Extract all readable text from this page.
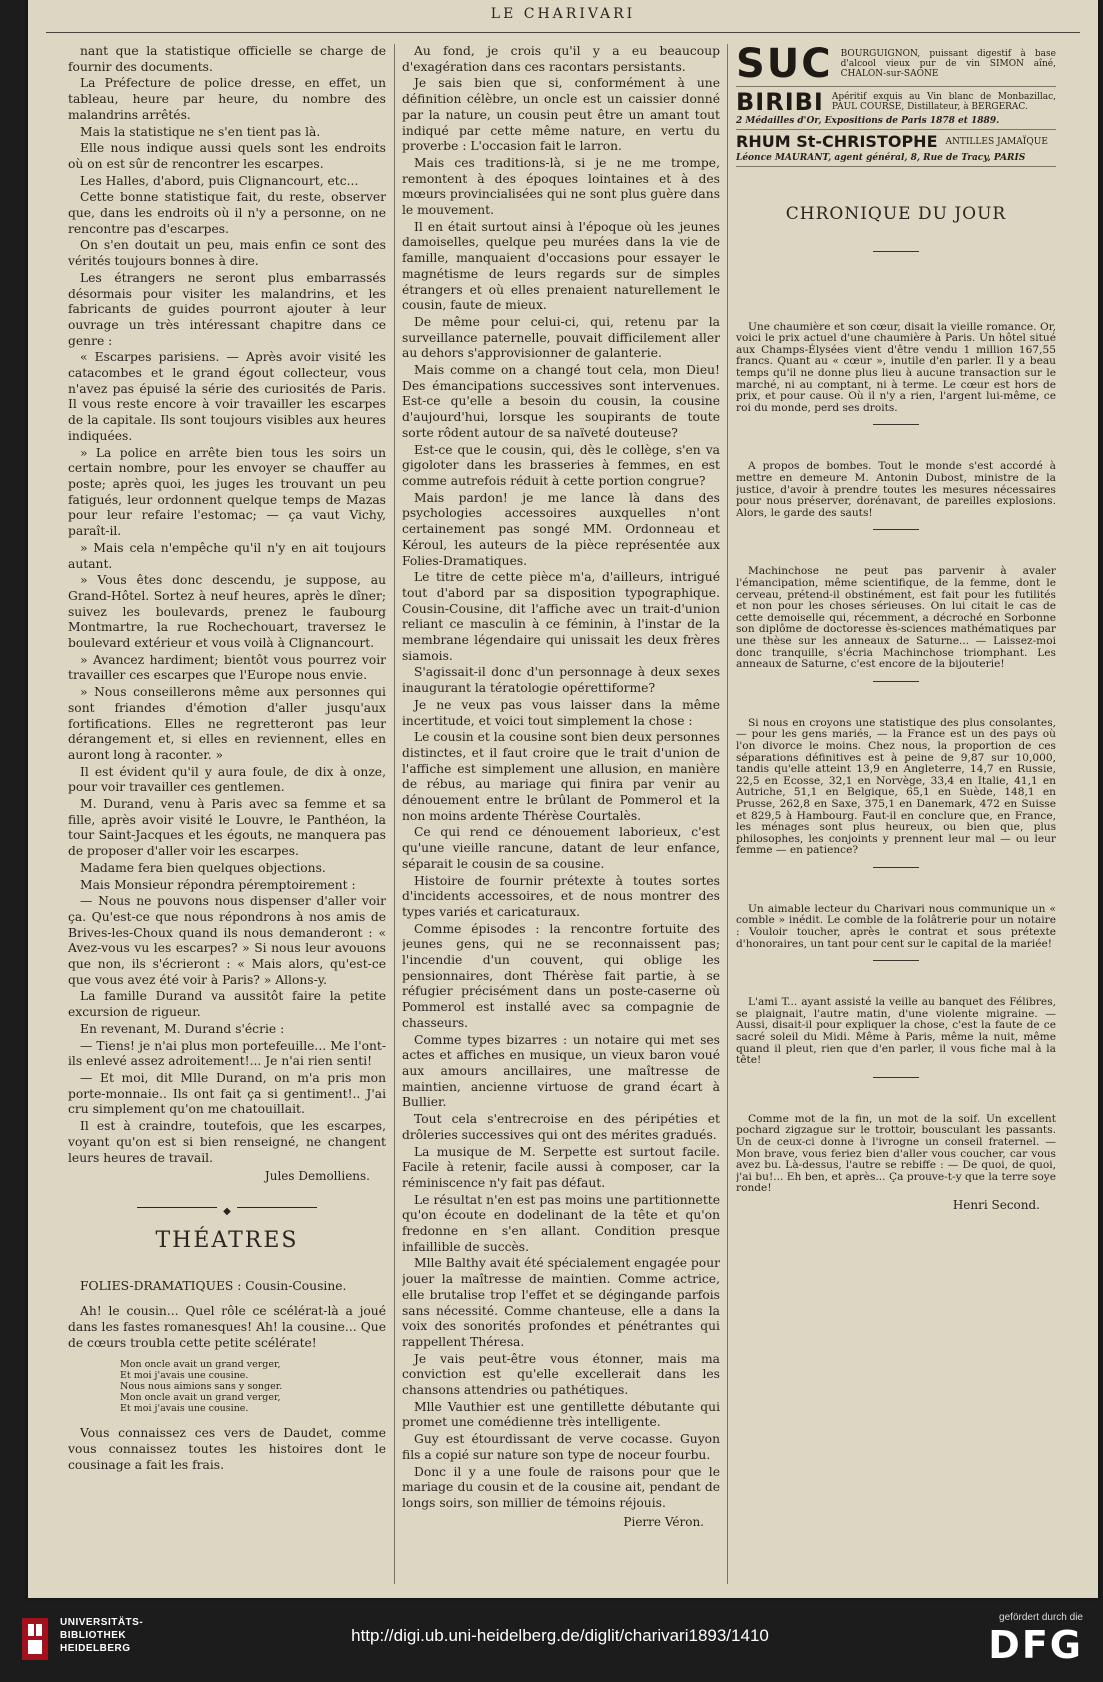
LE CHARIVARI

nant que la statistique officielle se charge de fournir des documents.

La Préfecture de police dresse, en effet, un tableau, heure par heure, du nombre des malandrins arrêtés.

Mais la statistique ne s'en tient pas là.

Elle nous indique aussi quels sont les endroits où on est sûr de rencontrer les escarpes.

Les Halles, d'abord, puis Clignancourt, etc...

Cette bonne statistique fait, du reste, observer que, dans les endroits où il n'y a personne, on ne rencontre pas d'escarpes.

On s'en doutait un peu, mais enfin ce sont des vérités toujours bonnes à dire.

Les étrangers ne seront plus embarrassés désormais pour visiter les malandrins, et les fabricants de guides pourront ajouter à leur ouvrage un très intéressant chapitre dans ce genre :

« Escarpes parisiens. — Après avoir visité les catacombes et le grand égout collecteur, vous n'avez pas épuisé la série des curiosités de Paris. Il vous reste encore à voir travailler les escarpes de la capitale. Ils sont toujours visibles aux heures indiquées.

» La police en arrête bien tous les soirs un certain nombre, pour les envoyer se chauffer au poste; après quoi, les juges les trouvant un peu fatigués, leur ordonnent quelque temps de Mazas pour leur refaire l'estomac; — ça vaut Vichy, paraît-il.

» Mais cela n'empêche qu'il n'y en ait toujours autant.

» Vous êtes donc descendu, je suppose, au Grand-Hôtel. Sortez à neuf heures, après le dîner; suivez les boulevards, prenez le faubourg Montmartre, la rue Rochechouart, traversez le boulevard extérieur et vous voilà à Clignancourt.

» Avancez hardiment; bientôt vous pourrez voir travailler ces escarpes que l'Europe nous envie.

» Nous conseillerons même aux personnes qui sont friandes d'émotion d'aller jusqu'aux fortifications. Elles ne regretteront pas leur dérangement et, si elles en reviennent, elles en auront long à raconter. »

Il est évident qu'il y aura foule, de dix à onze, pour voir travailler ces gentlemen.

M. Durand, venu à Paris avec sa femme et sa fille, après avoir visité le Louvre, le Panthéon, la tour Saint-Jacques et les égouts, ne manquera pas de proposer d'aller voir les escarpes.

Madame fera bien quelques objections.

Mais Monsieur répondra péremptoirement :

— Nous ne pouvons nous dispenser d'aller voir ça. Qu'est-ce que nous répondrons à nos amis de Brives-les-Choux quand ils nous demanderont : « Avez-vous vu les escarpes? » Si nous leur avouons que non, ils s'écrieront : « Mais alors, qu'est-ce que vous avez été voir à Paris? » Allons-y.

La famille Durand va aussitôt faire la petite excursion de rigueur.

En revenant, M. Durand s'écrie :

— Tiens! je n'ai plus mon portefeuille... Me l'ont-ils enlevé assez adroitement!... Je n'ai rien senti!

— Et moi, dit Mlle Durand, on m'a pris mon porte-monnaie.. Ils ont fait ça si gentiment!.. J'ai cru simplement qu'on me chatouillait.

Il est à craindre, toutefois, que les escarpes, voyant qu'on est si bien renseigné, ne changent leurs heures de travail.

Jules Demolliens.
◆
THÉATRES

FOLIES-DRAMATIQUES : Cousin-Cousine.

Ah! le cousin... Quel rôle ce scélérat-là a joué dans les fastes romanesques! Ah! la cousine... Que de cœurs troubla cette petite scélérate!

Mon oncle avait un grand verger,
Et moi j'avais une cousine.
Nous nous aimions sans y songer.
Mon oncle avait un grand verger,
Et moi j'avais une cousine.

Vous connaissez ces vers de Daudet, comme vous connaissez toutes les histoires dont le cousinage a fait les frais.

Au fond, je crois qu'il y a eu beaucoup d'exagération dans ces racontars persistants.

Je sais bien que si, conformément à une définition célèbre, un oncle est un caissier donné par la nature, un cousin peut être un amant tout indiqué par cette même nature, en vertu du proverbe : L'occasion fait le larron.

Mais ces traditions-là, si je ne me trompe, remontent à des époques lointaines et à des mœurs provincialisées qui ne sont plus guère dans le mouvement.

Il en était surtout ainsi à l'époque où les jeunes damoiselles, quelque peu murées dans la vie de famille, manquaient d'occasions pour essayer le magnétisme de leurs regards sur de simples étrangers et où elles prenaient naturellement le cousin, faute de mieux.

De même pour celui-ci, qui, retenu par la surveillance paternelle, pouvait difficilement aller au dehors s'approvisionner de galanterie.

Mais comme on a changé tout cela, mon Dieu! Des émancipations successives sont intervenues. Est-ce qu'elle a besoin du cousin, la cousine d'aujourd'hui, lorsque les soupirants de toute sorte rôdent autour de sa naïveté douteuse?

Est-ce que le cousin, qui, dès le collège, s'en va gigoloter dans les brasseries à femmes, en est comme autrefois réduit à cette portion congrue?

Mais pardon! je me lance là dans des psychologies accessoires auxquelles n'ont certainement pas songé MM. Ordonneau et Kéroul, les auteurs de la pièce représentée aux Folies-Dramatiques.

Le titre de cette pièce m'a, d'ailleurs, intrigué tout d'abord par sa disposition typographique. Cousin-Cousine, dit l'affiche avec un trait-d'union reliant ce masculin à ce féminin, à l'instar de la membrane légendaire qui unissait les deux frères siamois.

S'agissait-il donc d'un personnage à deux sexes inaugurant la tératologie opérettiforme?

Je ne veux pas vous laisser dans la même incertitude, et voici tout simplement la chose :

Le cousin et la cousine sont bien deux personnes distinctes, et il faut croire que le trait d'union de l'affiche est simplement une allusion, en manière de rébus, au mariage qui finira par venir au dénouement entre le brûlant de Pommerol et la non moins ardente Thérèse Courtalès.

Ce qui rend ce dénouement laborieux, c'est qu'une vieille rancune, datant de leur enfance, séparait le cousin de sa cousine.

Histoire de fournir prétexte à toutes sortes d'incidents accessoires, et de nous montrer des types variés et caricaturaux.

Comme épisodes : la rencontre fortuite des jeunes gens, qui ne se reconnaissent pas; l'incendie d'un couvent, qui oblige les pensionnaires, dont Thérèse fait partie, à se réfugier précisément dans un poste-caserne où Pommerol est installé avec sa compagnie de chasseurs.

Comme types bizarres : un notaire qui met ses actes et affiches en musique, un vieux baron voué aux amours ancillaires, une maîtresse de maintien, ancienne virtuose de grand écart à Bullier.

Tout cela s'entrecroise en des péripéties et drôleries successives qui ont des mérites gradués.

La musique de M. Serpette est surtout facile. Facile à retenir, facile aussi à composer, car la réminiscence n'y fait pas défaut.

Le résultat n'en est pas moins une partitionnette qu'on écoute en dodelinant de la tête et qu'on fredonne en s'en allant. Condition presque infaillible de succès.

Mlle Balthy avait été spécialement engagée pour jouer la maîtresse de maintien. Comme actrice, elle brutalise trop l'effet et se dégingande parfois sans nécessité. Comme chanteuse, elle a dans la voix des sonorités profondes et pénétrantes qui rappellent Théresa.

Je vais peut-être vous étonner, mais ma conviction est qu'elle excellerait dans les chansons attendries ou pathétiques.

Mlle Vauthier est une gentillette débutante qui promet une comédienne très intelligente.

Guy est étourdissant de verve cocasse. Guyon fils a copié sur nature son type de noceur fourbu.

Donc il y a une foule de raisons pour que le mariage du cousin et de la cousine ait, pendant de longs soirs, son millier de témoins réjouis.

Pierre Véron.
SUC BOURGUIGNON, puissant digestif à base d'alcool vieux pur de vin SIMON aîné, CHALON-sur-SAONE
BIRIBI Apéritif exquis au Vin blanc de Monbazillac, PAUL COURSE, Distillateur, à BERGERAC.
2 Médailles d'Or, Expositions de Paris 1878 et 1889.
RHUM St-CHRISTOPHE ANTILLES JAMAÏQUE
Léonce MAURANT, agent général, 8, Rue de Tracy, PARIS
CHRONIQUE DU JOUR

Une chaumière et son cœur, disait la vieille romance. Or, voici le prix actuel d'une chaumière à Paris. Un hôtel situé aux Champs-Élysées vient d'être vendu 1 million 167,55 francs. Quant au « cœur », inutile d'en parler. Il y a beau temps qu'il ne donne plus lieu à aucune transaction sur le marché, ni au comptant, ni à terme. Le cœur est hors de prix, et pour cause. Où il n'y a rien, l'argent lui-même, ce roi du monde, perd ses droits.

A propos de bombes. Tout le monde s'est accordé à mettre en demeure M. Antonin Dubost, ministre de la justice, d'avoir à prendre toutes les mesures nécessaires pour nous préserver, dorénavant, de pareilles explosions. Alors, le garde des sauts!

Machinchose ne peut pas parvenir à avaler l'émancipation, même scientifique, de la femme, dont le cerveau, prétend-il obstinément, est fait pour les futilités et non pour les choses sérieuses. On lui citait le cas de cette demoiselle qui, récemment, a décroché en Sorbonne son diplôme de doctoresse ès-sciences mathématiques par une thèse sur les anneaux de Saturne... — Laissez-moi donc tranquille, s'écria Machinchose triomphant. Les anneaux de Saturne, c'est encore de la bijouterie!

Si nous en croyons une statistique des plus consolantes, — pour les gens mariés, — la France est un des pays où l'on divorce le moins. Chez nous, la proportion de ces séparations définitives est à peine de 9,87 sur 10,000, tandis qu'elle atteint 13,9 en Angleterre, 14,7 en Russie, 22,5 en Ecosse, 32,1 en Norvège, 33,4 en Italie, 41,1 en Autriche, 51,1 en Belgique, 65,1 en Suède, 148,1 en Prusse, 262,8 en Saxe, 375,1 en Danemark, 472 en Suisse et 829,5 à Hambourg. Faut-il en conclure que, en France, les ménages sont plus heureux, ou bien que, plus philosophes, les conjoints y prennent leur mal — ou leur femme — en patience?

Un aimable lecteur du Charivari nous communique un « comble » inédit. Le comble de la folâtrerie pour un notaire : Vouloir toucher, après le contrat et sous prétexte d'honoraires, un tant pour cent sur le capital de la mariée!

L'ami T... ayant assisté la veille au banquet des Félibres, se plaignait, l'autre matin, d'une violente migraine. — Aussi, disait-il pour expliquer la chose, c'est la faute de ce sacré soleil du Midi. Même à Paris, même la nuit, même quand il pleut, rien que d'en parler, il vous fiche mal à la tête!

Comme mot de la fin, un mot de la soif. Un excellent pochard zigzague sur le trottoir, bousculant les passants. Un de ceux-ci donne à l'ivrogne un conseil fraternel. — Mon brave, vous feriez bien d'aller vous coucher, car vous avez bu. Là-dessus, l'autre se rebiffe : — De quoi, de quoi, j'ai bu!... Eh ben, et après... Ça prouve-t-y que la terre soye ronde!

Henri Second.
UNIVERSITÄTS-
BIBLIOTHEK
HEIDELBERG
http://digi.ub.uni-heidelberg.de/diglit/charivari1893/1410
gefördert durch die
DFG
